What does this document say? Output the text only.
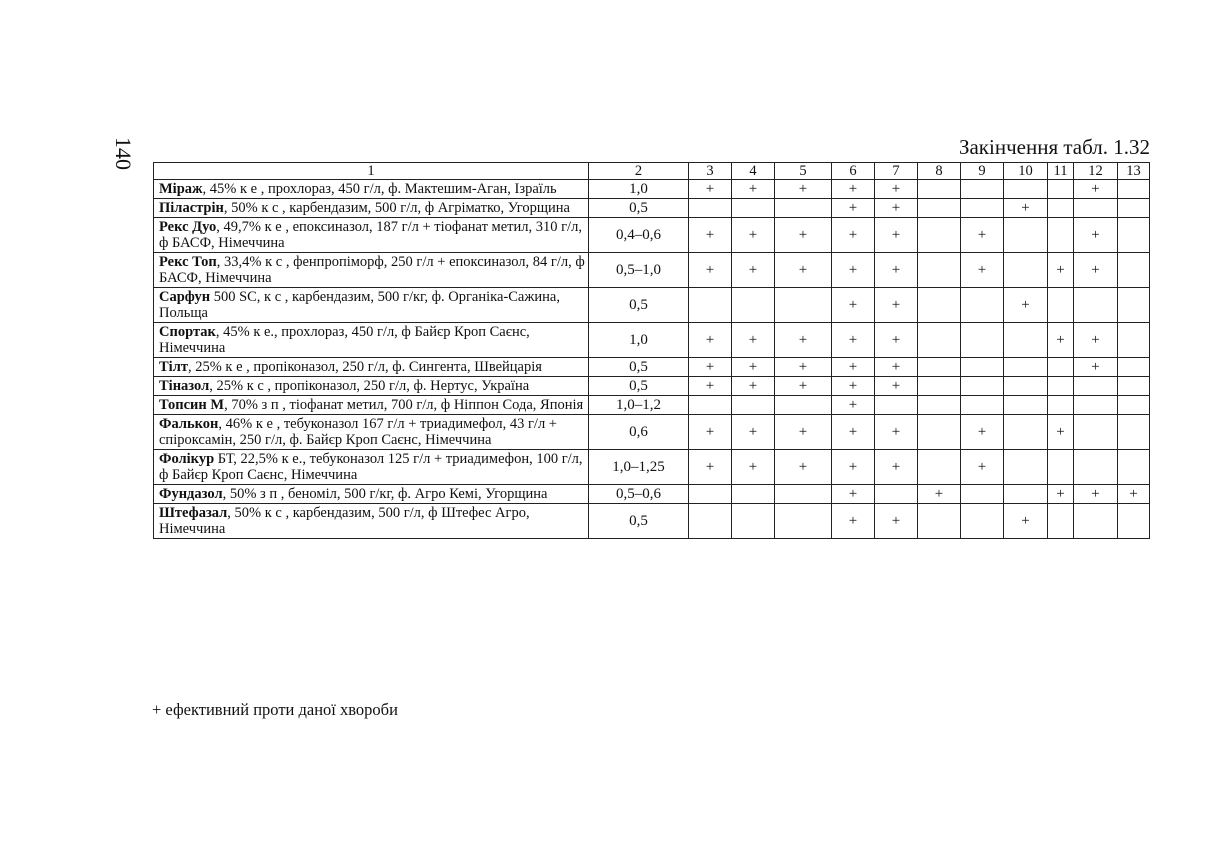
140	Закінчення табл. 1.32
1	2	3	4	5	6	7	8	9	10	11	12	13
Міраж, 45% к е , прохлораз, 450 г/л, ф. Мактешим-Аган, Ізраїль	1,0	+	+	+	+	+					+	
Піластрін, 50% к с , карбендазим, 500 г/л, ф Агріматко, Угорщина	0,5				+	+			+			
Рекс Дуо, 49,7% к е , епоксиназол, 187 г/л + тіофанат метил, 310 г/л, ф БАСФ, Німеччина	0,4–0,6	+	+	+	+	+		+			+	
Рекс Топ, 33,4% к с , фенпропіморф, 250 г/л + епоксиназол, 84 г/л, ф БАСФ, Німеччина	0,5–1,0	+	+	+	+	+		+		+	+	
Сарфун 500 SC, к с , карбендазим, 500 г/кг, ф. Органіка-Сажина, Польща	0,5				+	+			+			
Спортак, 45% к е., прохлораз, 450 г/л, ф Байєр Кроп Саєнс, Німеччина	1,0	+	+	+	+	+				+	+	
Тілт, 25% к е , пропіконазол, 250 г/л, ф. Сингента, Швейцарія	0,5	+	+	+	+	+					+	
Тіназол, 25% к с , пропіконазол, 250 г/л, ф. Нертус, Україна	0,5	+	+	+	+	+						
Топсин М, 70% з п , тіофанат метил, 700 г/л, ф Ніппон Сода, Японія	1,0–1,2				+							
Фалькон, 46% к е , тебуконазол 167 г/л + триадимефол, 43 г/л + спіроксамін, 250 г/л, ф. Байєр Кроп Саєнс, Німеччина	0,6	+	+	+	+	+		+		+		
Фолікур БТ, 22,5% к е., тебуконазол 125 г/л + триадимефон, 100 г/л, ф Байєр Кроп Саєнс, Німеччина	1,0–1,25	+	+	+	+	+		+				
Фундазол, 50% з п , беноміл, 500 г/кг, ф. Агро Кемі, Угорщина	0,5–0,6				+		+			+	+	+
Штефазал, 50% к с , карбендазим, 500 г/л, ф Штефес Агро, Німеччина	0,5				+	+			+			
+ ефективний проти даної хвороби
